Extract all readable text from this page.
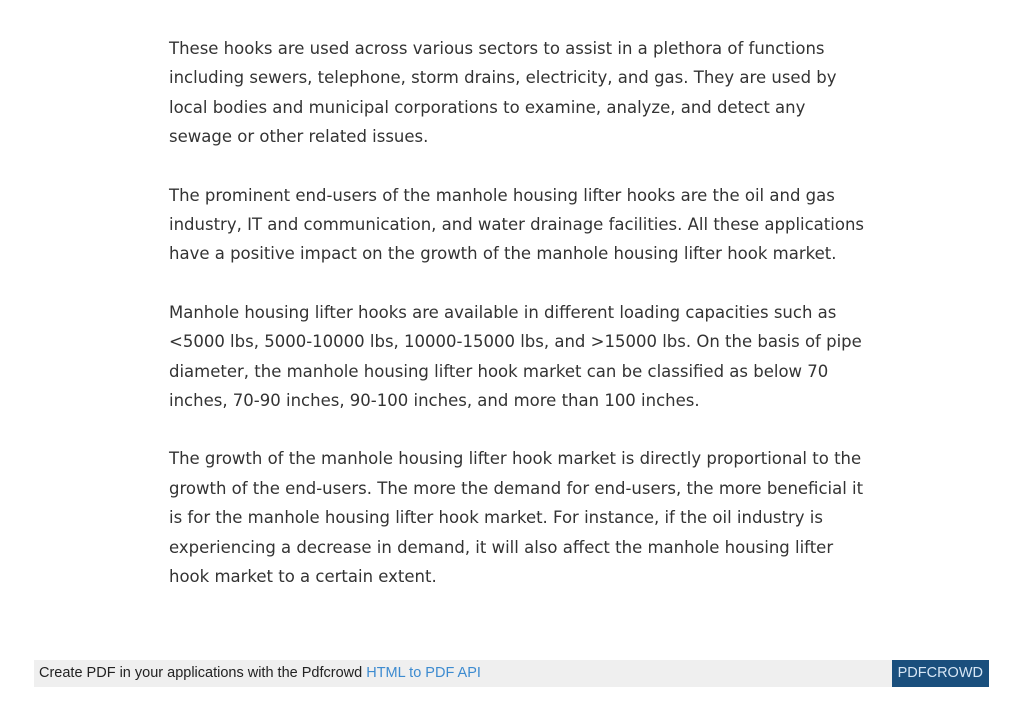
These hooks are used across various sectors to assist in a plethora of functions including sewers, telephone, storm drains, electricity, and gas. They are used by local bodies and municipal corporations to examine, analyze, and detect any sewage or other related issues.

The prominent end-users of the manhole housing lifter hooks are the oil and gas industry, IT and communication, and water drainage facilities. All these applications have a positive impact on the growth of the manhole housing lifter hook market.

Manhole housing lifter hooks are available in different loading capacities such as <5000 lbs, 5000-10000 lbs, 10000-15000 lbs, and >15000 lbs. On the basis of pipe diameter, the manhole housing lifter hook market can be classified as below 70 inches, 70-90 inches, 90-100 inches, and more than 100 inches.

The growth of the manhole housing lifter hook market is directly proportional to the growth of the end-users. The more the demand for end-users, the more beneficial it is for the manhole housing lifter hook market. For instance, if the oil industry is experiencing a decrease in demand, it will also affect the manhole housing lifter hook market to a certain extent.

Create PDF in your applications with the Pdfcrowd HTML to PDF API	PDFCROWD
